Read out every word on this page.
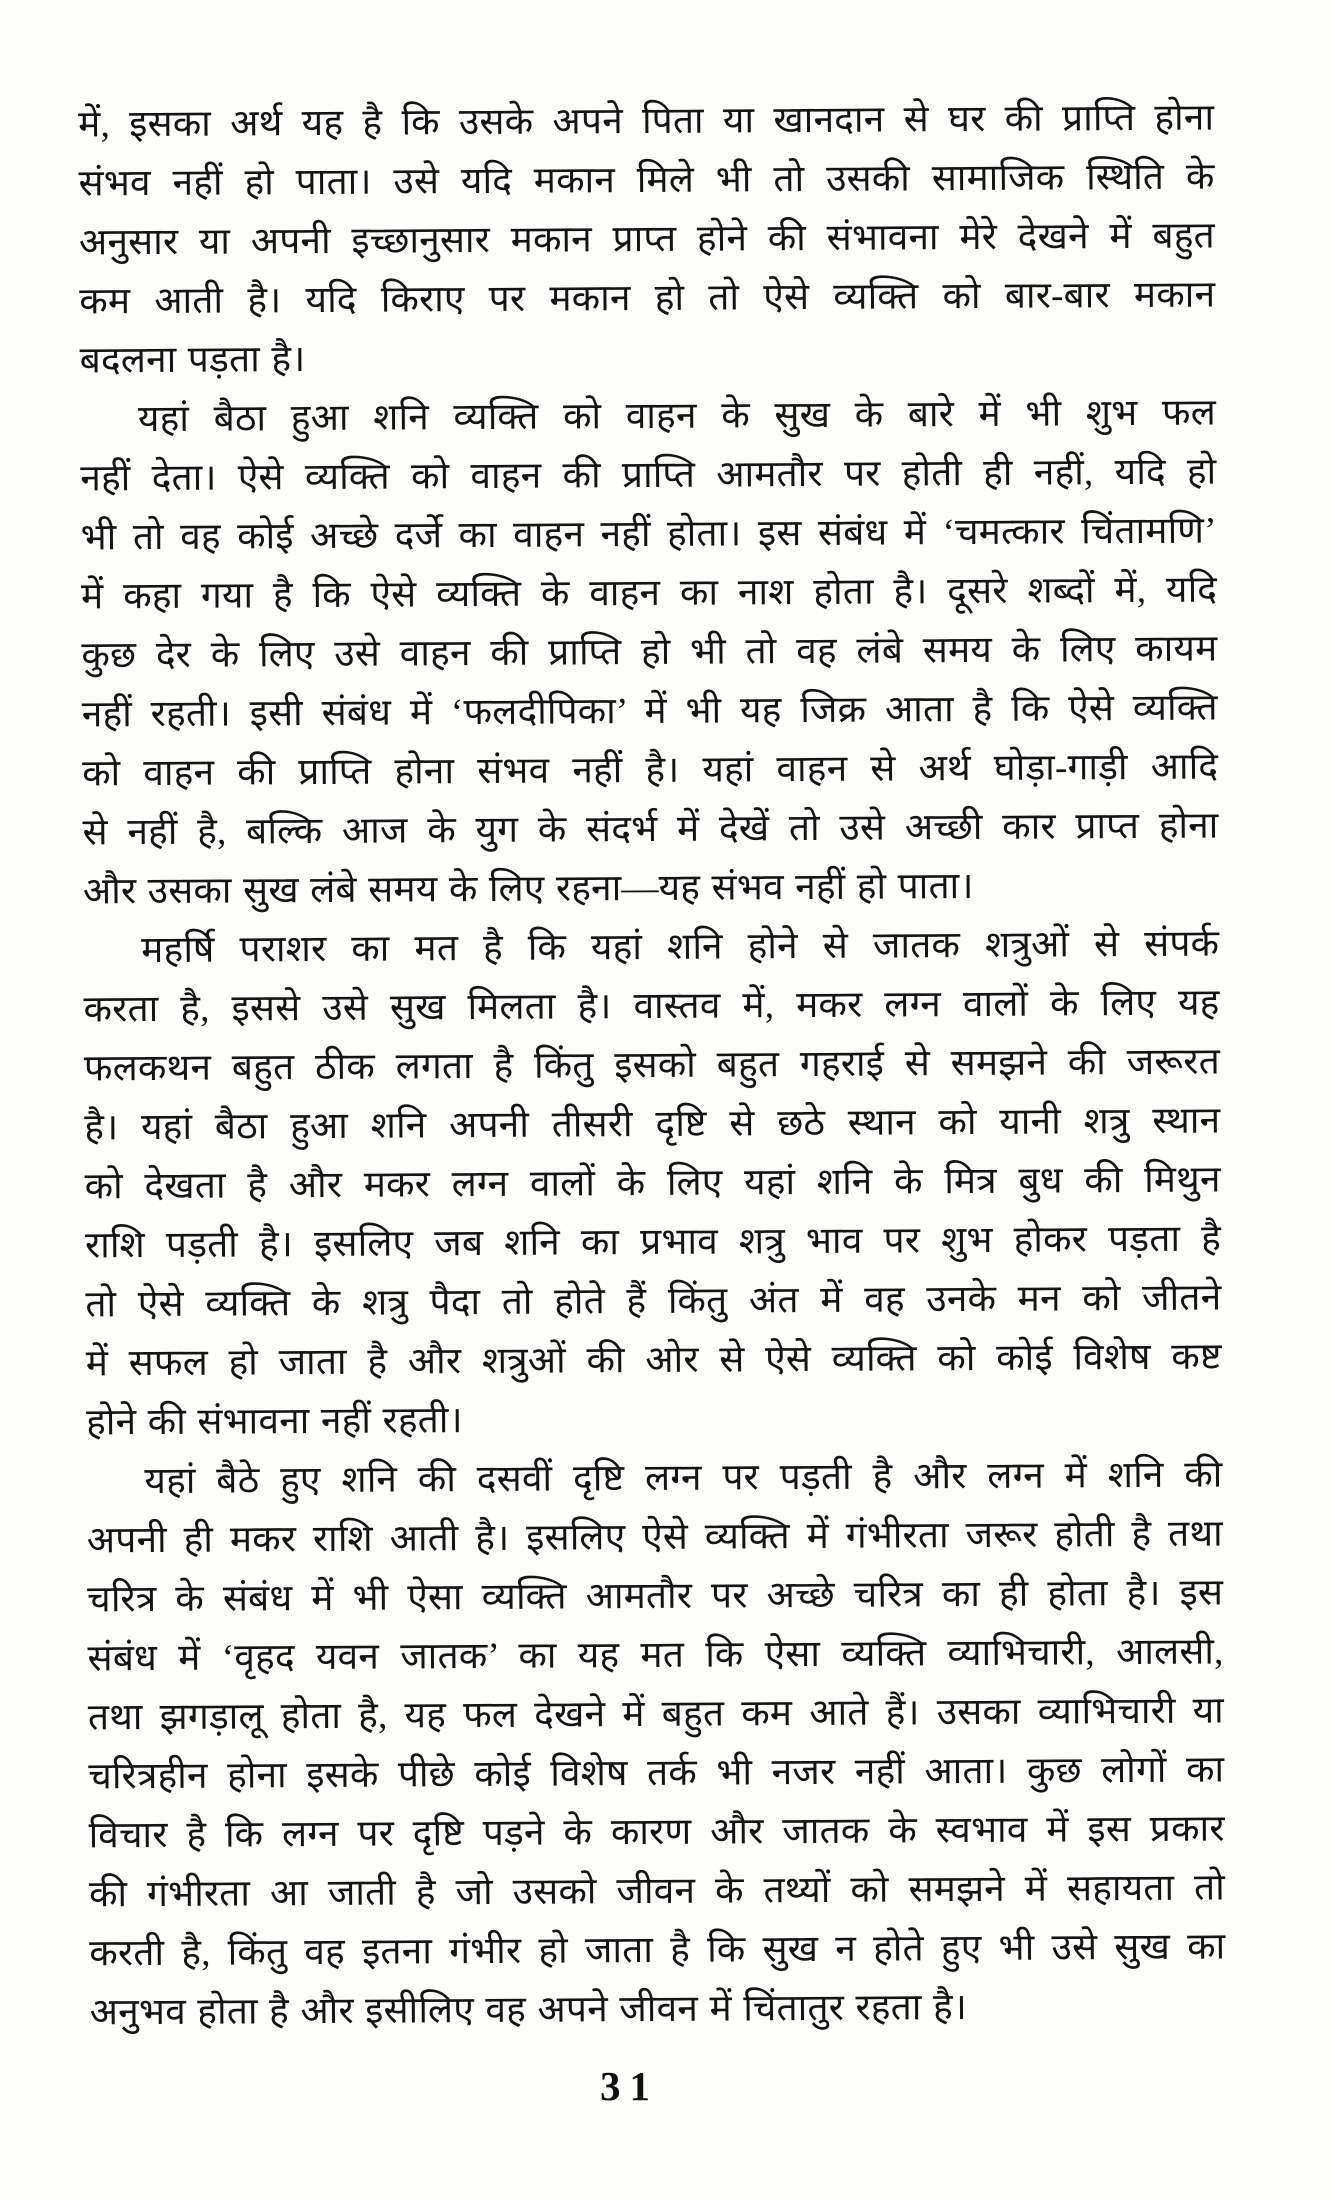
में, इसका अर्थ यह है कि उसके अपने पिता या खानदान से घर की प्राप्ति होना
संभव नहीं हो पाता। उसे यदि मकान मिले भी तो उसकी सामाजिक स्थिति के
अनुसार या अपनी इच्छानुसार मकान प्राप्त होने की संभावना मेरे देखने में बहुत
कम आती है। यदि किराए पर मकान हो तो ऐसे व्यक्ति को बार-बार मकान
बदलना पड़ता है।

यहां बैठा हुआ शनि व्यक्ति को वाहन के सुख के बारे में भी शुभ फल
नहीं देता। ऐसे व्यक्ति को वाहन की प्राप्ति आमतौर पर होती ही नहीं, यदि हो
भी तो वह कोई अच्छे दर्जे का वाहन नहीं होता। इस संबंध में ‘चमत्कार चिंतामणि’
में कहा गया है कि ऐसे व्यक्ति के वाहन का नाश होता है। दूसरे शब्दों में, यदि
कुछ देर के लिए उसे वाहन की प्राप्ति हो भी तो वह लंबे समय के लिए कायम
नहीं रहती। इसी संबंध में ‘फलदीपिका’ में भी यह जिक्र आता है कि ऐसे व्यक्ति
को वाहन की प्राप्ति होना संभव नहीं है। यहां वाहन से अर्थ घोड़ा-गाड़ी आदि
से नहीं है, बल्कि आज के युग के संदर्भ में देखें तो उसे अच्छी कार प्राप्त होना
और उसका सुख लंबे समय के लिए रहना—यह संभव नहीं हो पाता।

महर्षि पराशर का मत है कि यहां शनि होने से जातक शत्रुओं से संपर्क
करता है, इससे उसे सुख मिलता है। वास्तव में, मकर लग्न वालों के लिए यह
फलकथन बहुत ठीक लगता है किंतु इसको बहुत गहराई से समझने की जरूरत
है। यहां बैठा हुआ शनि अपनी तीसरी दृष्टि से छठे स्थान को यानी शत्रु स्थान
को देखता है और मकर लग्न वालों के लिए यहां शनि के मित्र बुध की मिथुन
राशि पड़ती है। इसलिए जब शनि का प्रभाव शत्रु भाव पर शुभ होकर पड़ता है
तो ऐसे व्यक्ति के शत्रु पैदा तो होते हैं किंतु अंत में वह उनके मन को जीतने
में सफल हो जाता है और शत्रुओं की ओर से ऐसे व्यक्ति को कोई विशेष कष्ट
होने की संभावना नहीं रहती।

यहां बैठे हुए शनि की दसवीं दृष्टि लग्न पर पड़ती है और लग्न में शनि की
अपनी ही मकर राशि आती है। इसलिए ऐसे व्यक्ति में गंभीरता जरूर होती है तथा
चरित्र के संबंध में भी ऐसा व्यक्ति आमतौर पर अच्छे चरित्र का ही होता है। इस
संबंध में ‘वृहद यवन जातक’ का यह मत कि ऐसा व्यक्ति व्याभिचारी, आलसी,
तथा झगड़ालू होता है, यह फल देखने में बहुत कम आते हैं। उसका व्याभिचारी या
चरित्रहीन होना इसके पीछे कोई विशेष तर्क भी नजर नहीं आता। कुछ लोगों का
विचार है कि लग्न पर दृष्टि पड़ने के कारण और जातक के स्वभाव में इस प्रकार
की गंभीरता आ जाती है जो उसको जीवन के तथ्यों को समझने में सहायता तो
करती है, किंतु वह इतना गंभीर हो जाता है कि सुख न होते हुए भी उसे सुख का
अनुभव होता है और इसीलिए वह अपने जीवन में चिंतातुर रहता है।

31
